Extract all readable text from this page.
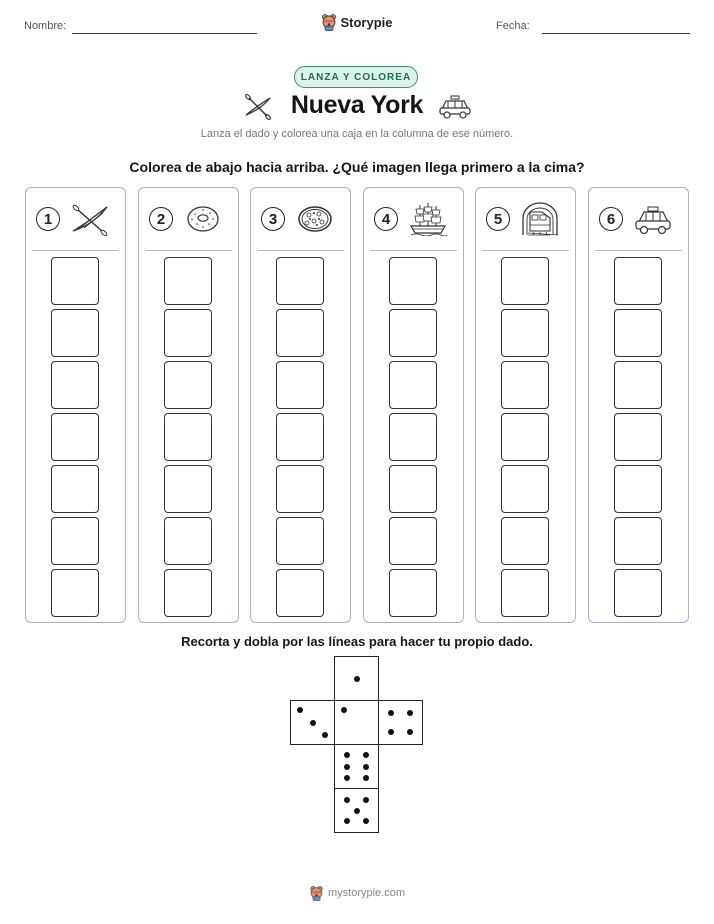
Nombre:	Fecha:
Storypie
LANZA Y COLOREA
Nueva York
Lanza el dado y colorea una caja en la columna de ese número.
Colorea de abajo hacia arriba. ¿Qué imagen llega primero a la cima?
1	2	3	4	5	6
Recorta y dobla por las líneas para hacer tu propio dado.
mystorypie.com
